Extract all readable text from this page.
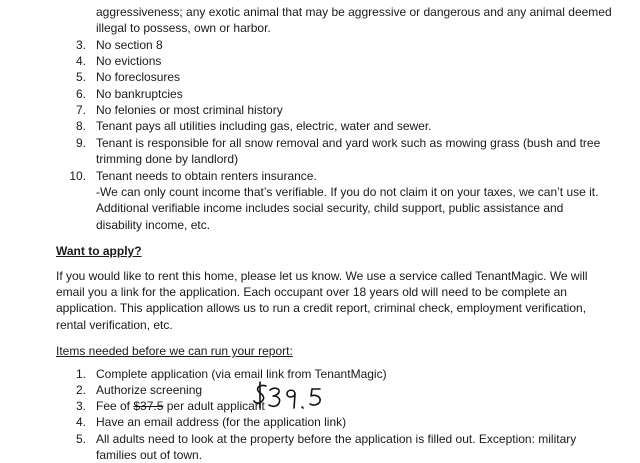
aggressiveness; any exotic animal that may be aggressive or dangerous and any animal deemed
illegal to possess, own or harbor.
3. No section 8
4. No evictions
5. No foreclosures
6. No bankruptcies
7. No felonies or most criminal history
8. Tenant pays all utilities including gas, electric, water and sewer.
9. Tenant is responsible for all snow removal and yard work such as mowing grass (bush and tree
trimming done by landlord)
10. Tenant needs to obtain renters insurance.
-We can only count income that’s verifiable. If you do not claim it on your taxes, we can’t use it.
Additional verifiable income includes social security, child support, public assistance and
disability income, etc.
Want to apply?
If you would like to rent this home, please let us know. We use a service called TenantMagic. We will
email you a link for the application. Each occupant over 18 years old will need to be complete an
application. This application allows us to run a credit report, criminal check, employment verification,
rental verification, etc.
Items needed before we can run your report:
1. Complete application (via email link from TenantMagic)
2. Authorize screening
3. Fee of $37.5 per adult applicant
4. Have an email address (for the application link)
5. All adults need to look at the property before the application is filled out. Exception: military
families out of town.
